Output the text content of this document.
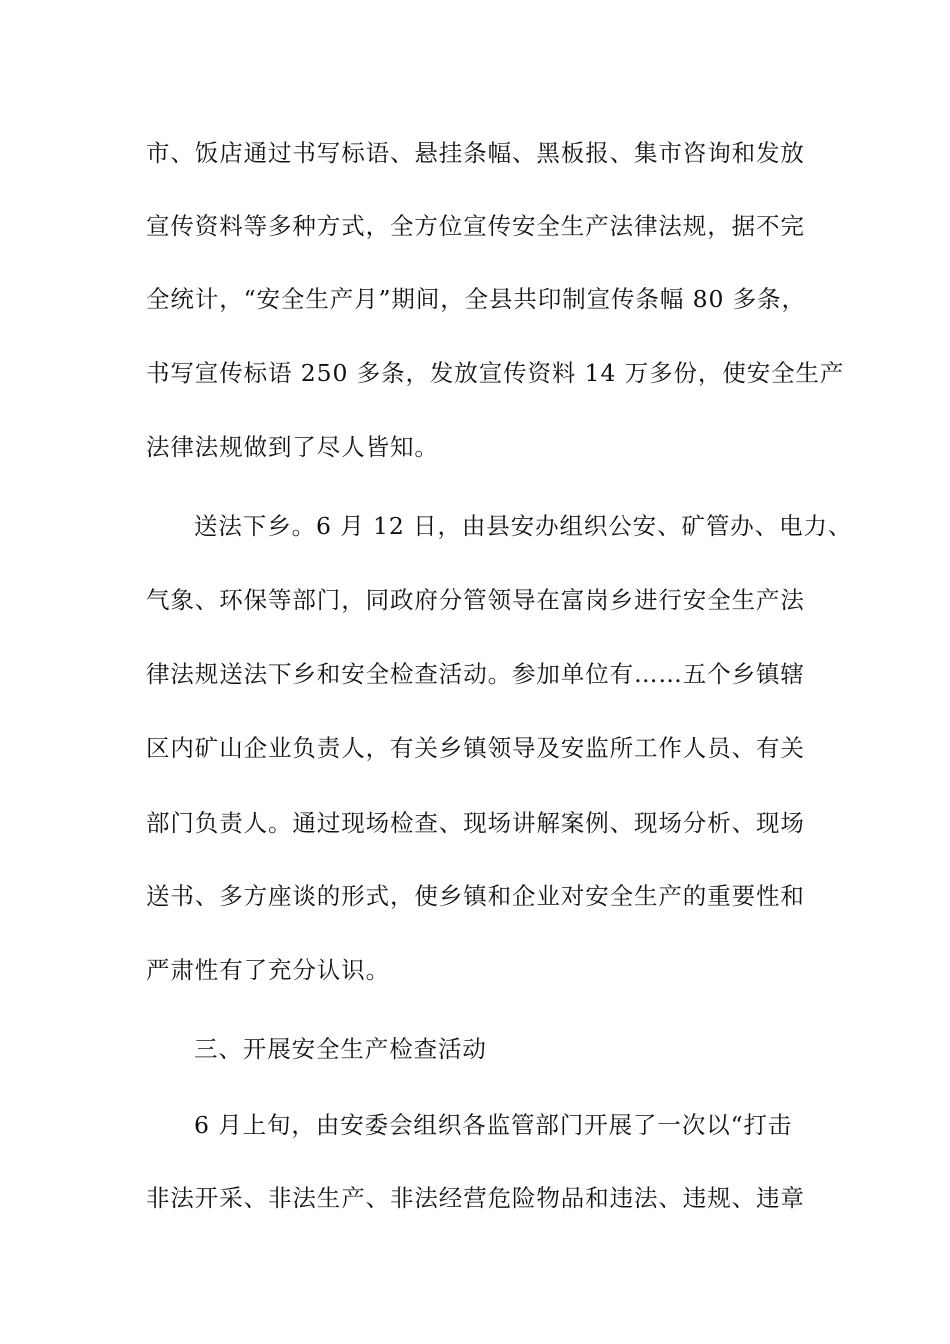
市、饭店通过书写标语、悬挂条幅、黑板报、集市咨询和发放
宣传资料等多种方式，全方位宣传安全生产法律法规，据不完
全统计，“安全生产月”期间，全县共印制宣传条幅 80 多条，
书写宣传标语 250 多条，发放宣传资料 14 万多份，使安全生产
法律法规做到了尽人皆知。
送法下乡。6 月 12 日，由县安办组织公安、矿管办、电力、
气象、环保等部门，同政府分管领导在富岗乡进行安全生产法
律法规送法下乡和安全检查活动。参加单位有……五个乡镇辖
区内矿山企业负责人，有关乡镇领导及安监所工作人员、有关
部门负责人。通过现场检查、现场讲解案例、现场分析、现场
送书、多方座谈的形式，使乡镇和企业对安全生产的重要性和
严肃性有了充分认识。
三、开展安全生产检查活动
6 月上旬，由安委会组织各监管部门开展了一次以“打击
非法开采、非法生产、非法经营危险物品和违法、违规、违章
